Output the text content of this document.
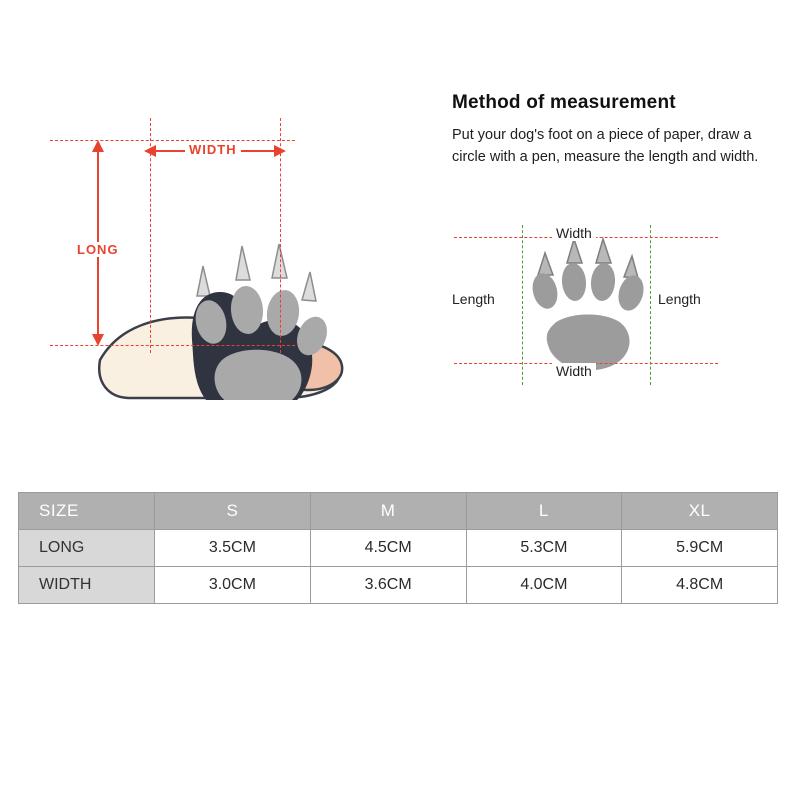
WIDTH
LONG
Method of measurement
Put your dog's foot on a piece of paper, draw a circle with a pen, measure the length and width.
Width
Width
Length	Length
SIZE	S	M	L	XL
LONG	3.5CM	4.5CM	5.3CM	5.9CM
WIDTH	3.0CM	3.6CM	4.0CM	4.8CM
